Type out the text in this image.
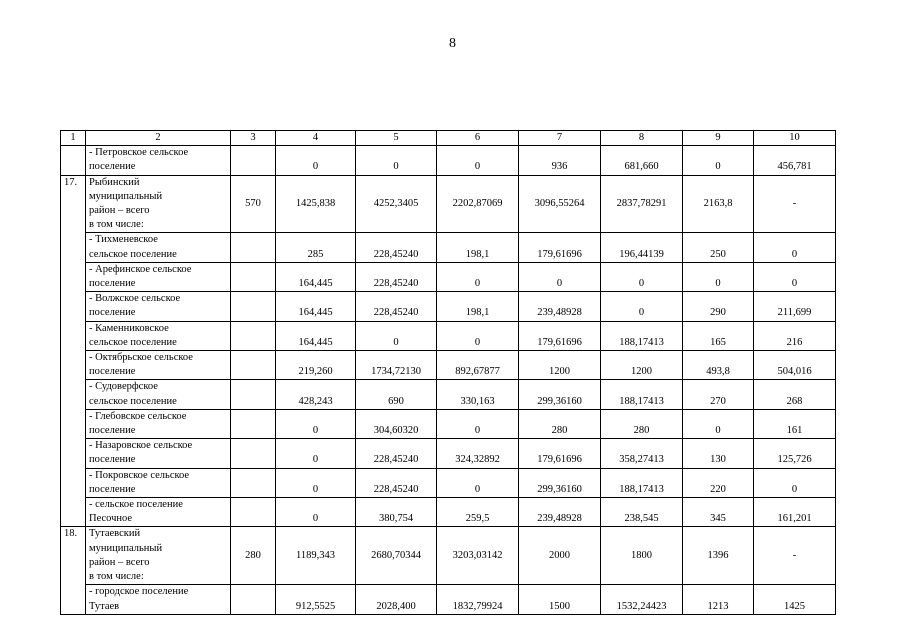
8
1	2	3	4	5	6	7	8	9	10

	- Петровское сельское
поселение		0	0	0	936	681,660	0	456,781
17.	Рыбинский
муниципальный
район – всего
в том числе:	570	1425,838	4252,3405	2202,87069	3096,55264	2837,78291	2163,8	-

	- Тихменевское
сельское поселение		285	228,45240	198,1	179,61696	196,44139	250	0

	- Арефинское сельское
поселение		164,445	228,45240	0	0	0	0	0

	- Волжское сельское
поселение		164,445	228,45240	198,1	239,48928	0	290	211,699

	- Каменниковское
сельское поселение		164,445	0	0	179,61696	188,17413	165	216

	- Октябрьское сельское
поселение		219,260	1734,72130	892,67877	1200	1200	493,8	504,016

	- Судоверфское
сельское поселение		428,243	690	330,163	299,36160	188,17413	270	268

	- Глебовское сельское
поселение		0	304,60320	0	280	280	0	161

	- Назаровское сельское
поселение		0	228,45240	324,32892	179,61696	358,27413	130	125,726

	- Покровское сельское
поселение		0	228,45240	0	299,36160	188,17413	220	0

	- сельское поселение
Песочное		0	380,754	259,5	239,48928	238,545	345	161,201
18.	Тутаевский
муниципальный
район – всего
в том числе:	280	1189,343	2680,70344	3203,03142	2000	1800	1396	-

	- городское поселение
Тутаев		912,5525	2028,400	1832,79924	1500	1532,24423	1213	1425
